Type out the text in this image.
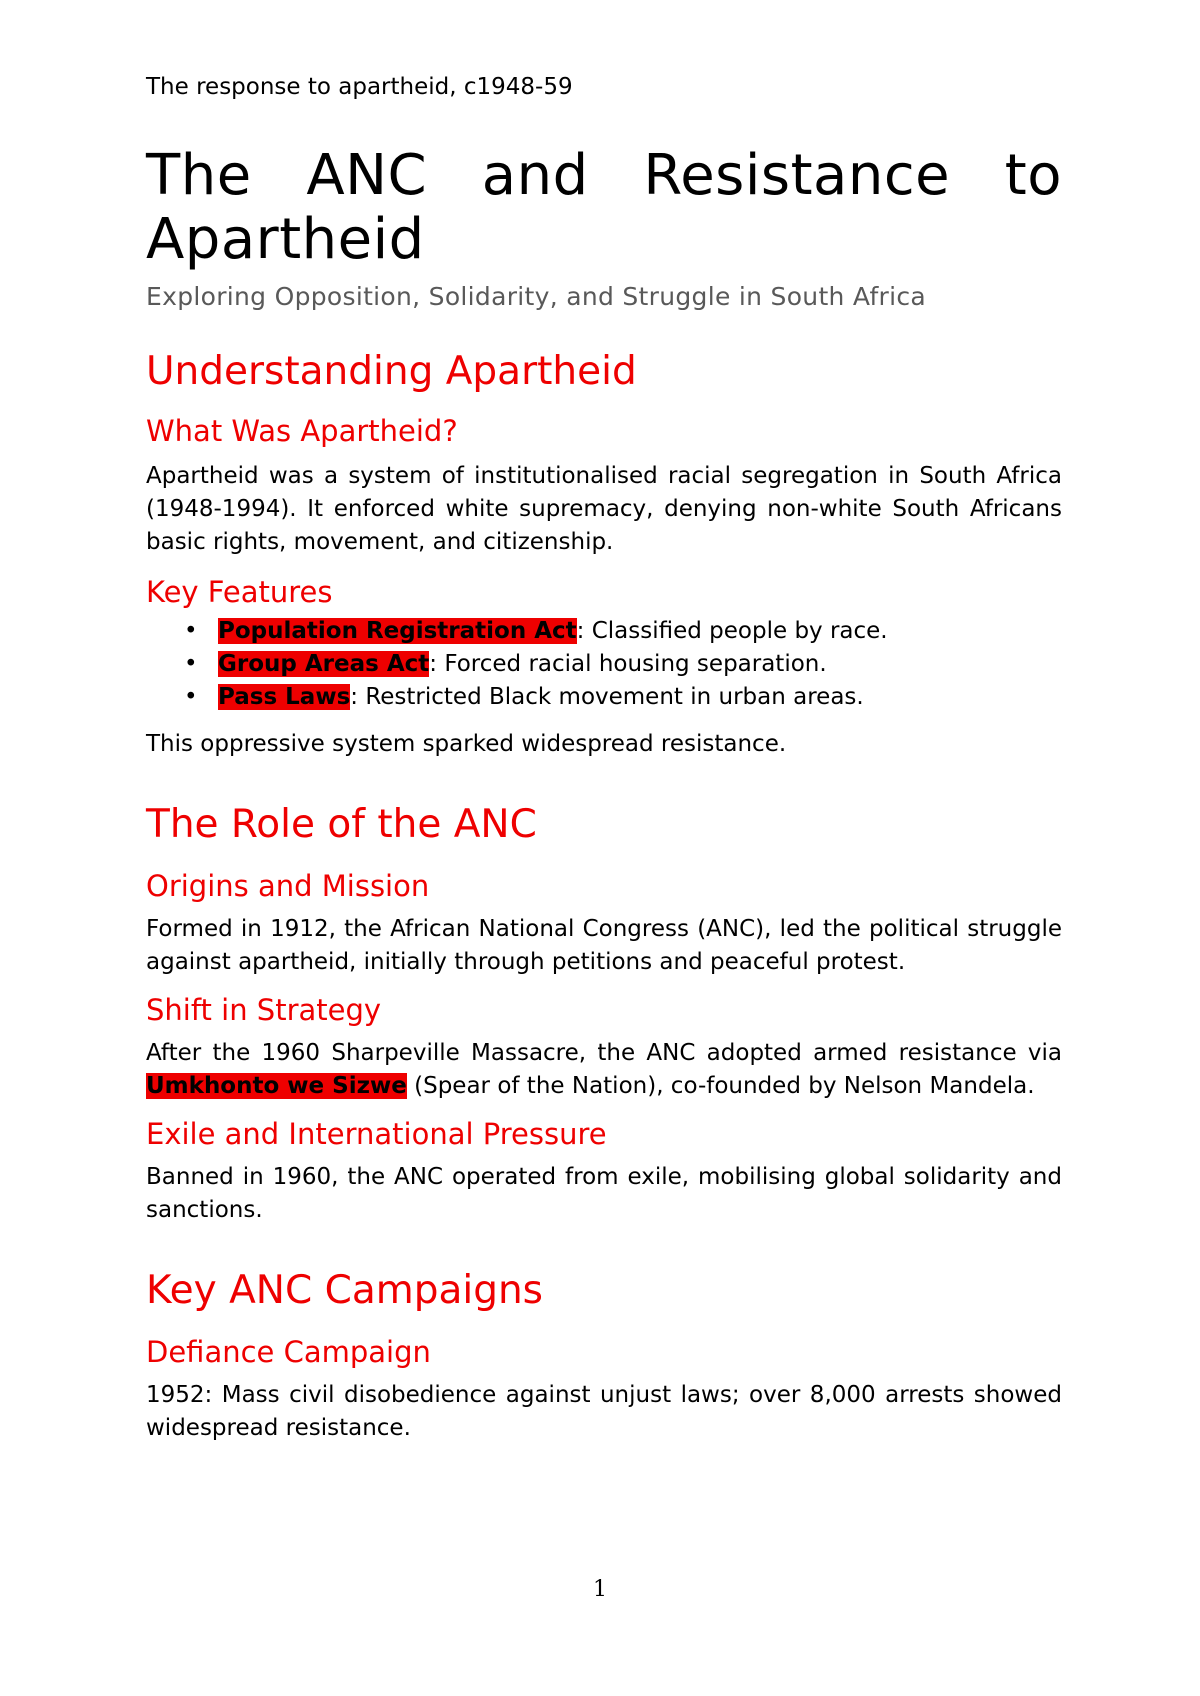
The response to apartheid, c1948-59
The ANC and Resistance to
Apartheid
Exploring Opposition, Solidarity, and Struggle in South Africa
Understanding Apartheid
What Was Apartheid?

Apartheid was a system of institutionalised racial segregation in South Africa (1948-1994). It enforced white supremacy, denying non-white South Africans basic rights, movement, and citizenship.

Key Features
• Population Registration Act: Classified people by race.
• Group Areas Act: Forced racial housing separation.
• Pass Laws: Restricted Black movement in urban areas.

This oppressive system sparked widespread resistance.

The Role of the ANC
Origins and Mission

Formed in 1912, the African National Congress (ANC), led the political struggle against apartheid, initially through petitions and peaceful protest.

Shift in Strategy

After the 1960 Sharpeville Massacre, the ANC adopted armed resistance via Umkhonto we Sizwe (Spear of the Nation), co-founded by Nelson Mandela.

Exile and International Pressure

Banned in 1960, the ANC operated from exile, mobilising global solidarity and sanctions.

Key ANC Campaigns
Defiance Campaign

1952: Mass civil disobedience against unjust laws; over 8,000 arrests showed widespread resistance.

1
